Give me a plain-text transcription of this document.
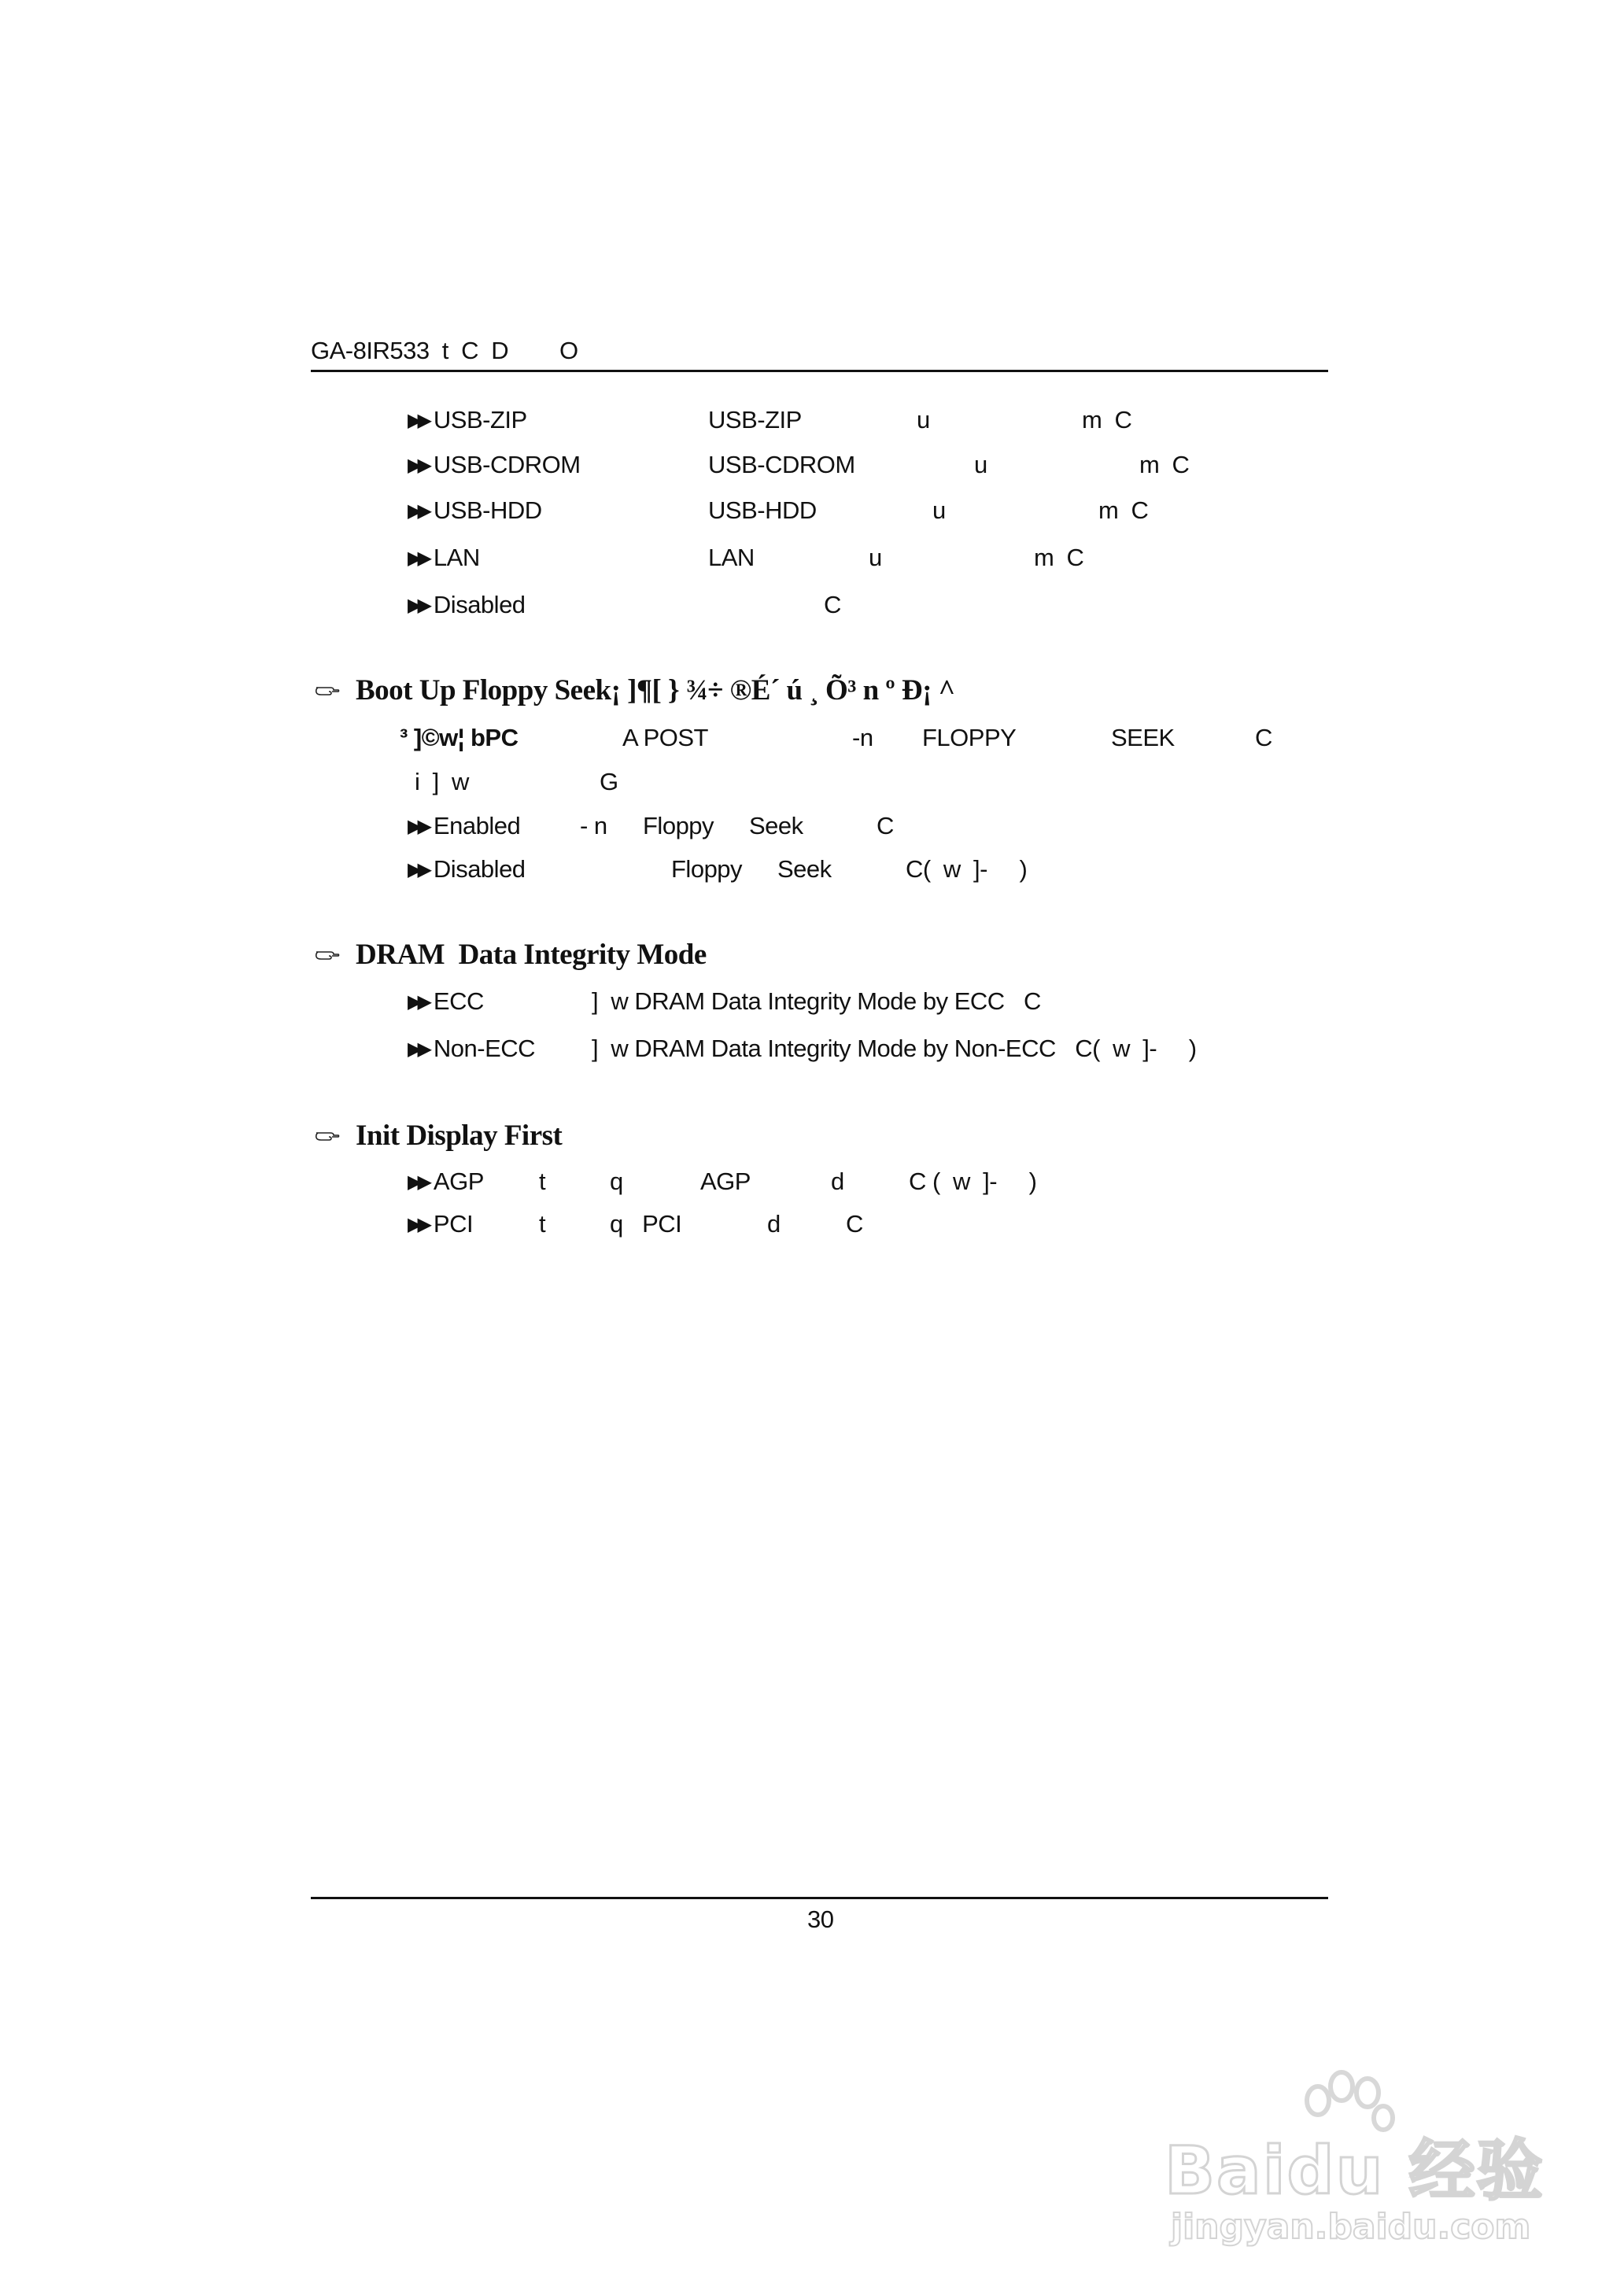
GA-8IR533  t  C  D        O
▶▶ USB-ZIP	USB-ZIP	u	m  C
▶▶ USB-CDROM	USB-CDROM	u	m  C
▶▶ USB-HDD	USB-HDD	u	m  C
▶▶ LAN	LAN	u	m  C
▶▶ Disabled	C
Boot Up Floppy Seek¡ ]¶[ } ¾÷ ®É´ ú ¸ Õ³ n º Ð¡ ^
³ ]©w¦ bPC	A POST	-n FLOPPY	SEEK	C
i  ]  w	G
▶▶ Enabled - n Floppy Seek	C
▶▶ Disabled	Floppy Seek	C(  w  ]-     )
DRAM  Data Integrity Mode
▶▶ ECC	]  w DRAM Data Integrity Mode by ECC   C
▶▶ Non-ECC ]  w DRAM Data Integrity Mode by Non-ECC   C(  w  ]-     )
Init Display First
▶▶ AGP t	q	AGP	d	C (  w  ]-     )
▶▶ PCI	t	q   PCI	d	C
30
Baidu 经验
jingyan.baidu.com
